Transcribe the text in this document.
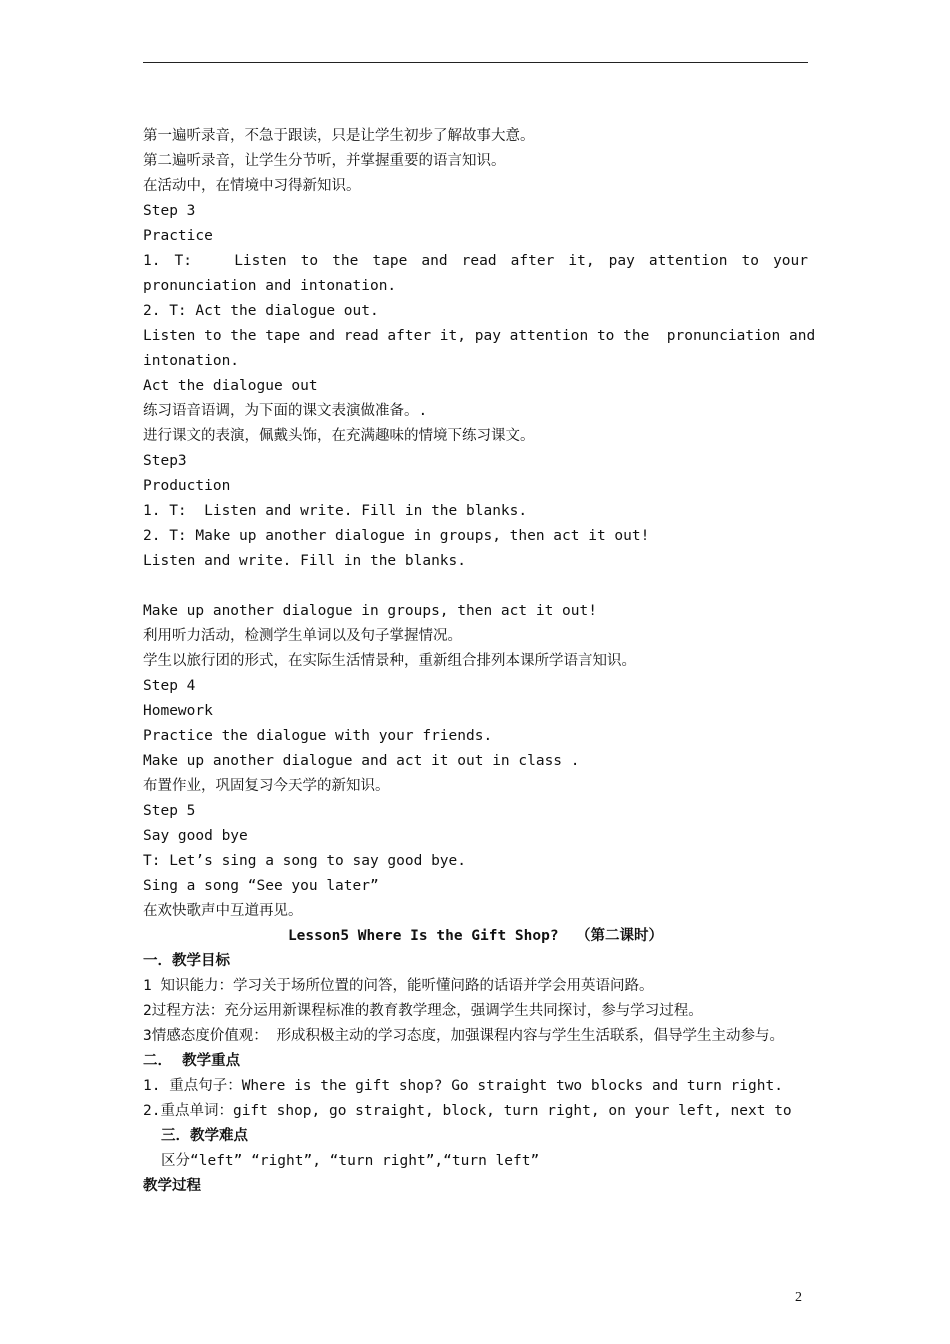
第一遍听录音，不急于跟读，只是让学生初步了解故事大意。
第二遍听录音，让学生分节听，并掌握重要的语言知识。
在活动中，在情境中习得新知识。
Step 3
Practice
1. T:   Listen to the tape and read after it, pay attention to your
pronunciation and intonation.
2. T: Act the dialogue out.
Listen to the tape and read after it, pay attention to the  pronunciation and
intonation.
Act the dialogue out
练习语音语调，为下面的课文表演做准备。.
进行课文的表演，佩戴头饰，在充满趣味的情境下练习课文。
Step3
Production
1. T:  Listen and write. Fill in the blanks.
2. T: Make up another dialogue in groups, then act it out!
Listen and write. Fill in the blanks.
Make up another dialogue in groups, then act it out!
利用听力活动，检测学生单词以及句子掌握情况。
学生以旅行团的形式，在实际生活情景种，重新组合排列本课所学语言知识。
Step 4
Homework
Practice the dialogue with your friends.
Make up another dialogue and act it out in class .
布置作业，巩固复习今天学的新知识。
Step 5
Say good bye
T: Let’s sing a song to say good bye.
Sing a song “See you later”
在欢快歌声中互道再见。
Lesson5 Where Is the Gift Shop?  （第二课时）
一．教学目标
1 知识能力：学习关于场所位置的问答，能听懂问路的话语并学会用英语问路。
2过程方法：充分运用新课程标准的教育教学理念，强调学生共同探讨，参与学习过程。
3情感态度价值观： 形成积极主动的学习态度，加强课程内容与学生生活联系，倡导学生主动参与。
二．  教学重点
1. 重点句子：Where is the gift shop? Go straight two blocks and turn right.
2.重点单词：gift shop, go straight, block, turn right, on your left, next to
三．教学难点
区分“left” “right”, “turn right”,“turn left”
教学过程
2
